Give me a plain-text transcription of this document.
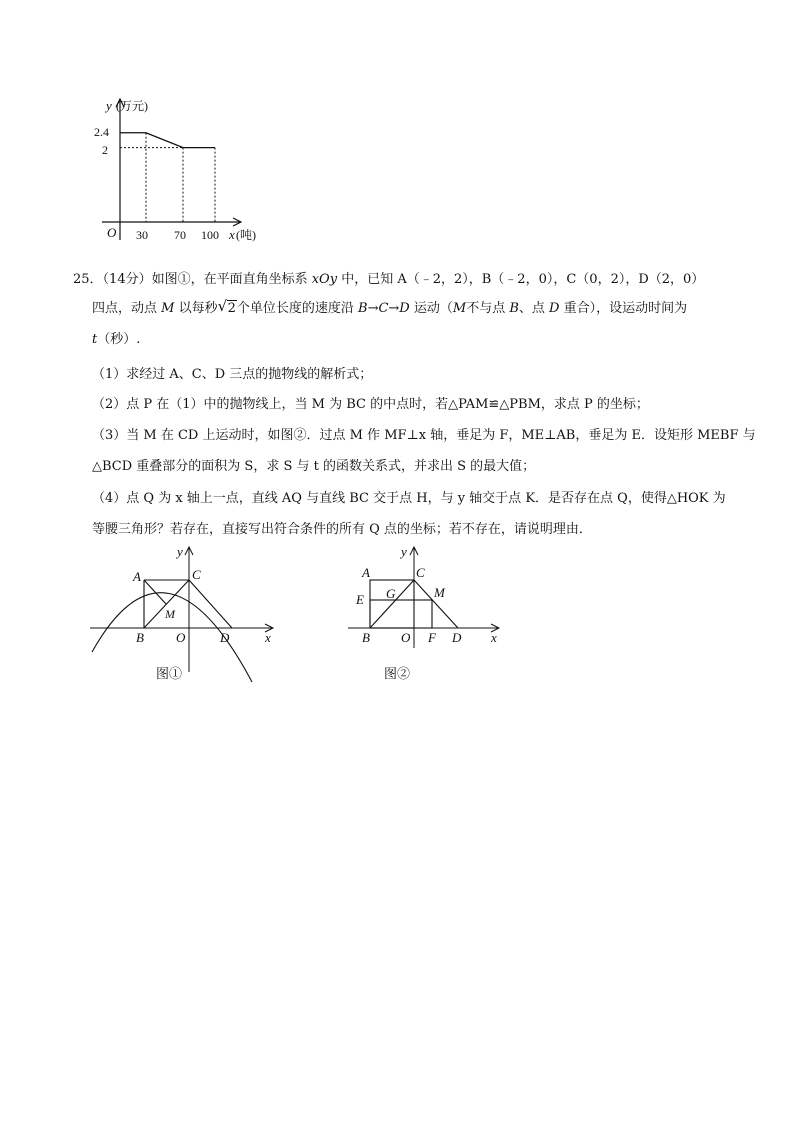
y (万元)
2.4
2
O 30 70 100 x (吨)
25．（14分）如图①，在平面直角坐标系 xOy 中，已知 A（﹣2，2），B（﹣2，0），C（0，2），D（2，0）
四点，动点 M 以每秒 √ 2个单位长度的速度沿 B→C→D 运动（M不与点 B、点 D 重合），设运动时间为
t（秒）.
（1）求经过 A、C、D 三点的抛物线的解析式；
（2）点 P 在（1）中的抛物线上，当 M 为 BC 的中点时，若△PAM≌△PBM，求点 P 的坐标；
（3）当 M 在 CD 上运动时，如图②．过点 M 作 MF⊥x 轴，垂足为 F，ME⊥AB，垂足为 E．设矩形 MEBF 与
△BCD 重叠部分的面积为 S，求 S 与 t 的函数关系式，并求出 S 的最大值；
（4）点 Q 为 x 轴上一点，直线 AQ 与直线 BC 交于点 H，与 y 轴交于点 K．是否存在点 Q，使得△HOK 为
等腰三角形？若存在，直接写出符合条件的所有 Q 点的坐标；若不存在，请说明理由．
y
A	C
M
B O	D	x
图①
y
A	C
G	M
E
B O F D x
图②
